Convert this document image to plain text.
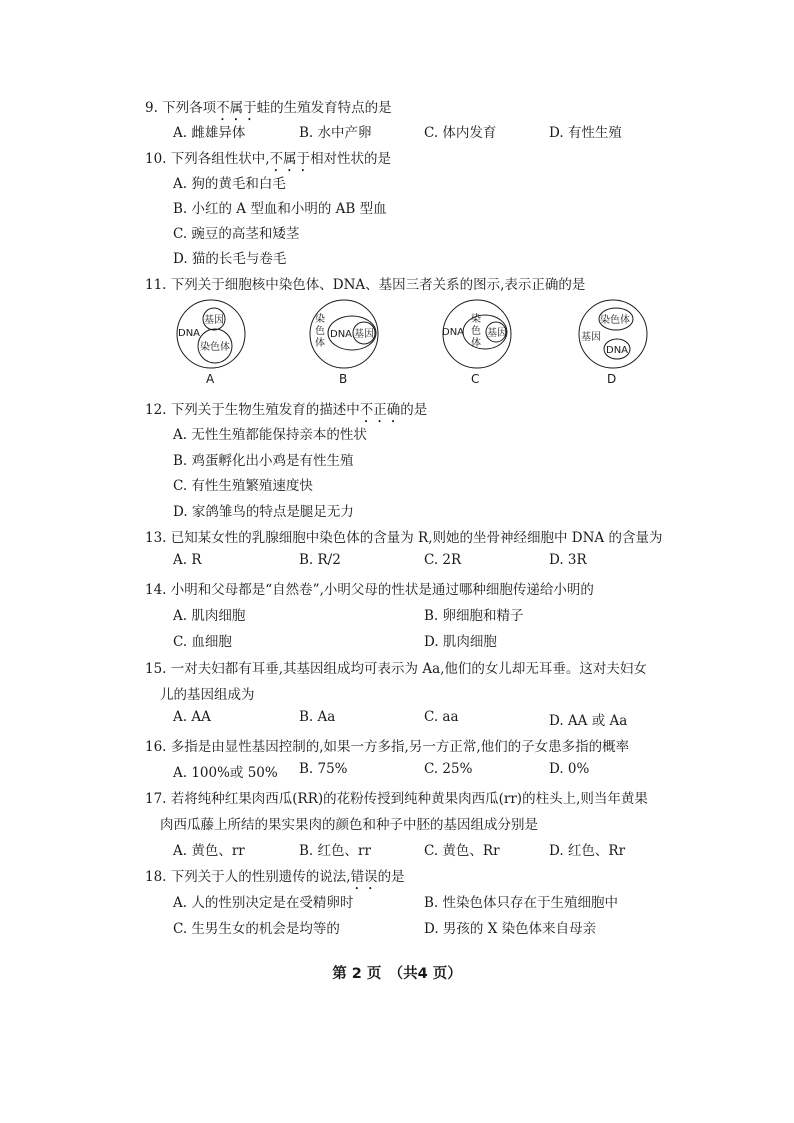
9. 下列各项不属于蛙的生殖发育特点的是
A. 雌雄异体	B. 水中产卵	C. 体内发育	D. 有性生殖
10. 下列各组性状中,不属于相对性状的是
A. 狗的黄毛和白毛
B. 小红的 A 型血和小明的 AB 型血
C. 豌豆的高茎和矮茎
D. 猫的长毛与卷毛
11. 下列关于细胞核中染色体、DNA、基因三者关系的图示,表示正确的是
DNA
基因
染色体
A
染
色
体
DNA 基因
B
DNA
染
色
体
基因
C
染色体
基因
DNA
D
12. 下列关于生物生殖发育的描述中不正确的是
A. 无性生殖都能保持亲本的性状
B. 鸡蛋孵化出小鸡是有性生殖
C. 有性生殖繁殖速度快
D. 家鸽雏鸟的特点是腿足无力
13. 已知某女性的乳腺细胞中染色体的含量为 R,则她的坐骨神经细胞中 DNA 的含量为
A. R	B. R/2	C. 2R	D. 3R
14. 小明和父母都是“自然卷”,小明父母的性状是通过哪种细胞传递给小明的
A. 肌肉细胞	B. 卵细胞和精子
C. 血细胞	D. 肌肉细胞
15. 一对夫妇都有耳垂,其基因组成均可表示为 Aa,他们的女儿却无耳垂。这对夫妇女
儿的基因组成为
A. AA	B. Aa	C. aa	D. AA 或 Aa
16. 多指是由显性基因控制的,如果一方多指,另一方正常,他们的子女患多指的概率
A. 100%或 50% B. 75%	C. 25%	D. 0%
17. 若将纯种红果肉西瓜(RR)的花粉传授到纯种黄果肉西瓜(rr)的柱头上,则当年黄果
肉西瓜藤上所结的果实果肉的颜色和种子中胚的基因组成分别是
A. 黄色、rr	B. 红色、rr	C. 黄色、Rr	D. 红色、Rr
18. 下列关于人的性别遗传的说法,错误的是
A. 人的性别决定是在受精卵时	B. 性染色体只存在于生殖细胞中
C. 生男生女的机会是均等的	D. 男孩的 X 染色体来自母亲
第 2 页　（共4 页）
